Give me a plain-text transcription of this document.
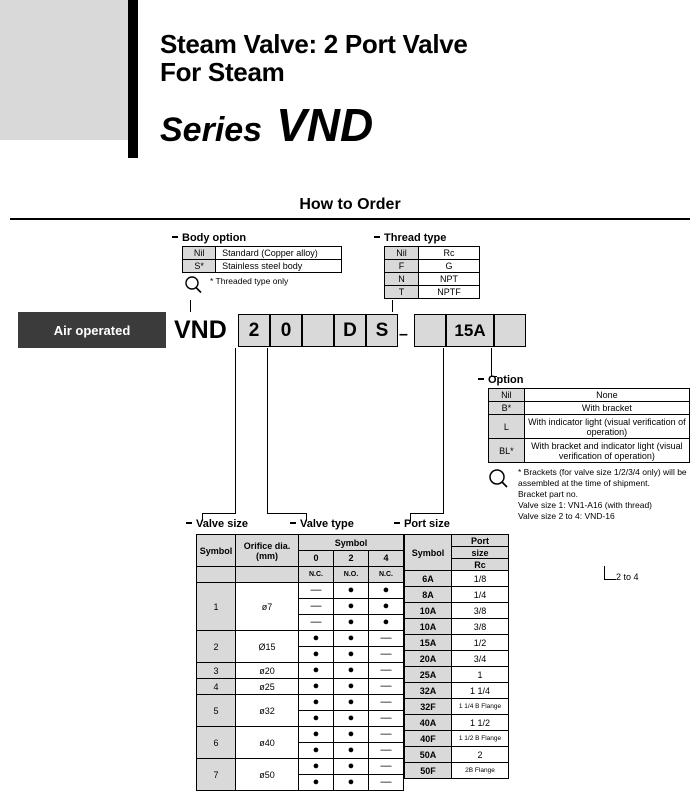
Steam Valve: 2 Port Valve
For Steam
Series VND
How to Order
Body option
Nil	Standard (Copper alloy)
S*	Stainless steel body
* Threaded type only
Thread type
Nil	Rc
F	G
N	NPT
T	NPTF
Air operated	VND	2	0	D S –	15A
Option
Nil	None
B*	With bracket
L	With indicator light (visual verification of operation)
BL*	With bracket and indicator light (visual verification of operation)
* Brackets (for valve size 1/2/3/4 only) will be assembled at the time of shipment.
Bracket part no.
Valve size 1: VN1-A16 (with thread)
Valve size 2 to 4: VND-16
Valve size	Valve type	Port size
Symbol	Orifice dia.
(mm)	Symbol		

		0	2	4

		N.C.	N.O.	N.C.
1	ø7	—	●	●
		—	●	●
		—	●	●
2	Ø15	●	●	—
		●	●	—
3	ø20	●	●	—
4	ø25	●	●	—
5	ø32	●	●	—
		●	●	—
6	ø40	●	●	—
		●	●	—
7	ø50	●	●	—
		●	●	—
Symbol	Port
	size
	Rc
6A	1/8
8A	1/4
10A	3/8
10A	3/8
15A	1/2
20A	3/4
25A	1
32A	1 1/4
32F	1 1/4 B Flange
40A	1 1/2
40F	1 1/2 B Flange
50A	2
50F	2B Flange
2 to 4
